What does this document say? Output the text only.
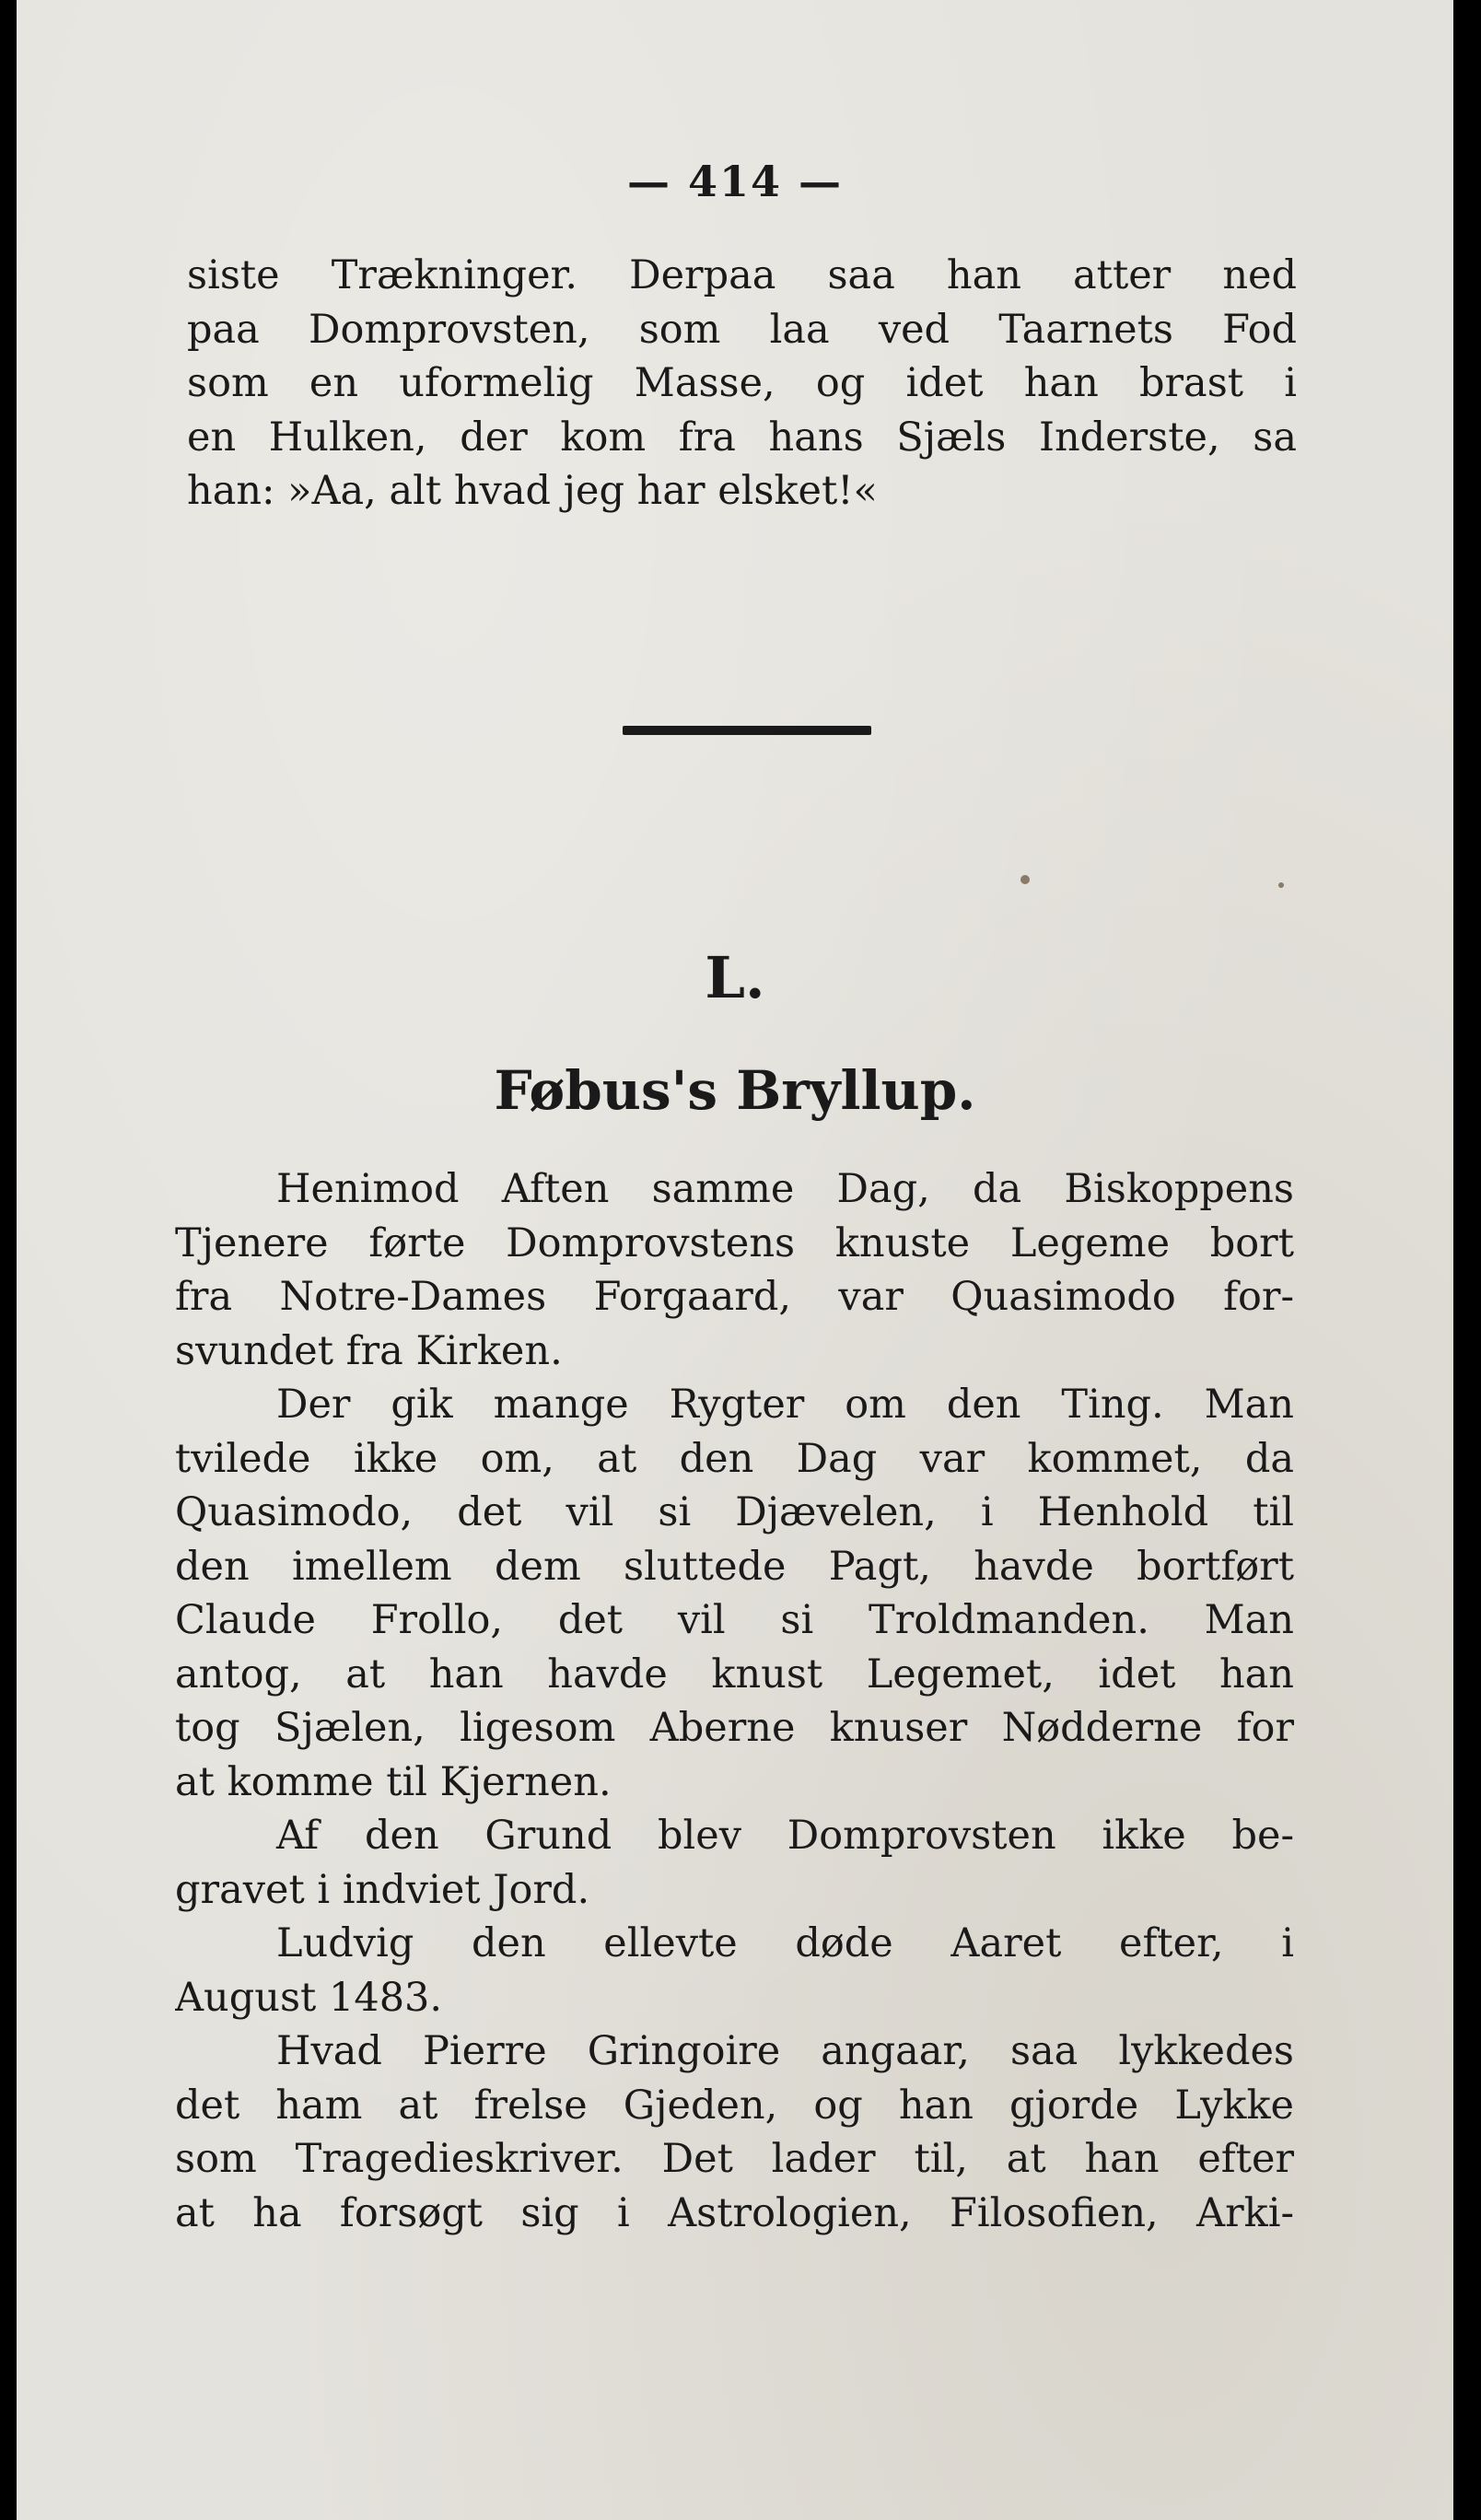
— 414 —
siste Trækninger. Derpaa saa han atter ned
paa Domprovsten, som laa ved Taarnets Fod
som en uformelig Masse, og idet han brast i
en Hulken, der kom fra hans Sjæls Inderste, sa
han: »Aa, alt hvad jeg har elsket!«
L.
Føbus's Bryllup.
Henimod Aften samme Dag, da Biskoppens
Tjenere førte Domprovstens knuste Legeme bort
fra Notre-Dames Forgaard, var Quasimodo for-
svundet fra Kirken.
Der gik mange Rygter om den Ting. Man
tvilede ikke om, at den Dag var kommet, da
Quasimodo, det vil si Djævelen, i Henhold til
den imellem dem sluttede Pagt, havde bortført
Claude Frollo, det vil si Troldmanden. Man
antog, at han havde knust Legemet, idet han
tog Sjælen, ligesom Aberne knuser Nødderne for
at komme til Kjernen.
Af den Grund blev Domprovsten ikke be-
gravet i indviet Jord.
Ludvig den ellevte døde Aaret efter, i
August 1483.
Hvad Pierre Gringoire angaar, saa lykkedes
det ham at frelse Gjeden, og han gjorde Lykke
som Tragedieskriver. Det lader til, at han efter
at ha forsøgt sig i Astrologien, Filosofien, Arki-
